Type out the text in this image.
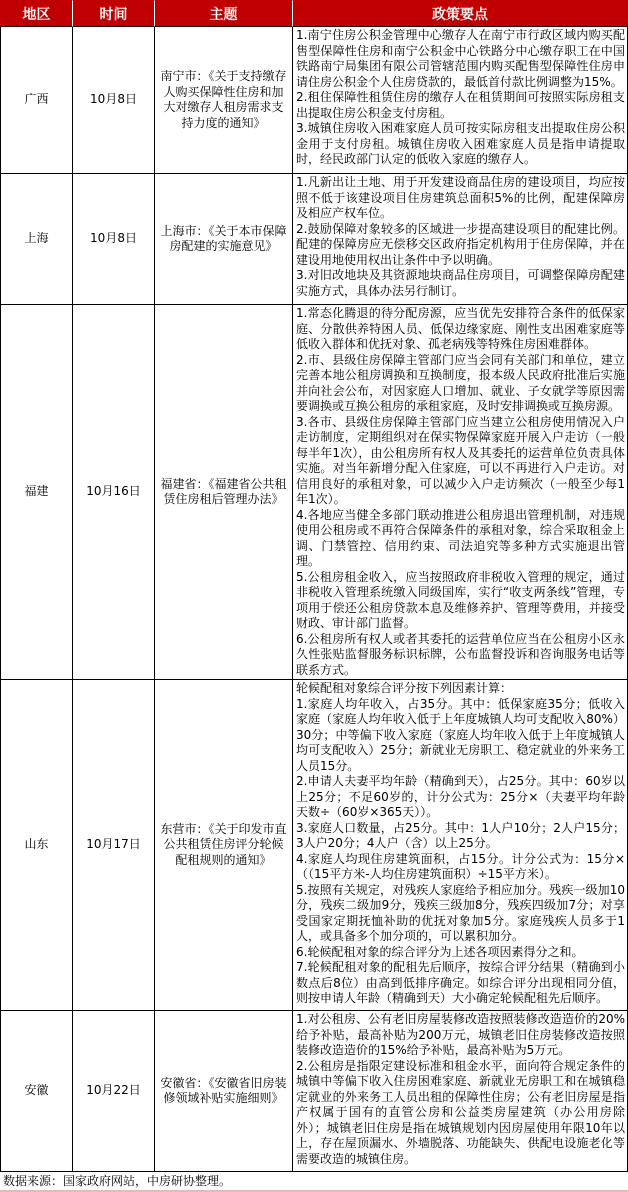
地区	时间	主题	政策要点
广西	10月8日	南宁市：《关于支持缴存人购买保障性住房和加大对缴存人租房需求支持力度的通知》	1.南宁住房公积金管理中心缴存人在南宁市行政区域内购买配售型保障性住房和南宁公积金中心铁路分中心缴存职工在中国铁路南宁局集团有限公司管辖范围内购买配售型保障性住房申请住房公积金个人住房贷款的，最低首付款比例调整为15%。
2.租住保障性租赁住房的缴存人在租赁期间可按照实际房租支出提取住房公积金支付房租。
3.城镇住房收入困难家庭人员可按实际房租支出提取住房公积金用于支付房租。城镇住房收入困难家庭人员是指申请提取时，经民政部门认定的低收入家庭的缴存人。

上海	10月8日	上海市：《关于本市保障房配建的实施意见》	1.凡新出让土地、用于开发建设商品住房的建设项目，均应按照不低于该建设项目住房建筑总面积5%的比例，配建保障房及相应产权车位。
2.鼓励保障对象较多的区域进一步提高建设项目的配建比例。配建的保障房应无偿移交区政府指定机构用于住房保障，并在建设用地使用权出让条件中予以明确。
3.对旧改地块及其资源地块商品住房项目，可调整保障房配建实施方式，具体办法另行制订。

福建	10月16日	福建省：《福建省公共租赁住房租后管理办法》	
1.常态化腾退的待分配房源，应当优先安排符合条件的低保家庭、分散供养特困人员、低保边缘家庭、刚性支出困难家庭等低收入群体和优抚对象、孤老病残等特殊住房困难群体。
2.市、县级住房保障主管部门应当会同有关部门和单位，建立完善本地公租房调换和互换制度，报本级人民政府批准后实施并向社会公布，对因家庭人口增加、就业、子女就学等原因需要调换或互换公租房的承租家庭，及时安排调换或互换房源。
3.各市、县级住房保障主管部门应当建立公租房使用情况入户走访制度，定期组织对在保实物保障家庭开展入户走访（一般每半年1次），由公租房所有权人及其委托的运营单位负责具体实施。对当年新增分配入住家庭，可以不再进行入户走访。对信用良好的承租对象，可以减少入户走访频次（一般至少每1年1次）。
4.各地应当健全多部门联动推进公租房退出管理机制，对违规使用公租房或不再符合保障条件的承租对象，综合采取租金上调、门禁管控、信用约束、司法追究等多种方式实施退出管理。
5.公租房租金收入，应当按照政府非税收入管理的规定，通过非税收入管理系统缴入同级国库，实行“收支两条线”管理，专项用于偿还公租房贷款本息及维修养护、管理等费用，并接受财政、审计部门监督。
6.公租房所有权人或者其委托的运营单位应当在公租房小区永久性张贴监督服务标识标牌，公布监督投诉和咨询服务电话等联系方式。

山东	10月17日	东营市：《关于印发市直公共租赁住房评分轮候配租规则的通知》	
轮候配租对象综合评分按下列因素计算：
1.家庭人均年收入，占35分。其中：低保家庭35分；低收入家庭（家庭人均年收入低于上年度城镇人均可支配收入80%）30分；中等偏下收入家庭（家庭人均年收入低于上年度城镇人均可支配收入）25分；新就业无房职工、稳定就业的外来务工人员15分。
2.申请人夫妻平均年龄（精确到天），占25分。其中：60岁以上25分；不足60岁的，计分公式为：25分×（夫妻平均年龄天数÷（60岁×365天））。
3.家庭人口数量，占25分。其中：1人户10分；2人户15分；3人户20分；4人户（含）以上25分。
4.家庭人均现住房建筑面积，占15分。计分公式为：15分×（（15平方米-人均住房建筑面积）÷15平方米）。
5.按照有关规定，对残疾人家庭给予相应加分。残疾一级加10分，残疾二级加9分，残疾三级加8分，残疾四级加7分；对享受国家定期抚恤补助的优抚对象加5分。家庭残疾人员多于1人，或具备多个加分项的，可以累积加分。
6.轮候配租对象的综合评分为上述各项因素得分之和。
7.轮候配租对象的配租先后顺序，按综合评分结果（精确到小数点后8位）由高到低排序确定。如综合评分出现相同分值，则按申请人年龄（精确到天）大小确定轮候配租先后顺序。

安徽	10月22日	安徽省：《安徽省旧房装修领域补贴实施细则》	1.对公租房、公有老旧房屋装修改造按照装修改造造价的20%给予补贴，最高补贴为200万元，城镇老旧住房装修改造按照装修改造造价的15%给予补贴，最高补贴为5万元。
2.公租房是指限定建设标准和租金水平，面向符合规定条件的城镇中等偏下收入住房困难家庭、新就业无房职工和在城镇稳定就业的外来务工人员出租的保障性住房；公有老旧房屋是指产权属于国有的直管公房和公益类房屋建筑（办公用房除外）；城镇老旧住房是指在城镇规划内因房屋使用年限10年以上，存在屋顶漏水、外墙脱落、功能缺失、供配电设施老化等需要改造的城镇住房。
数据来源：国家政府网站，中房研协整理。
